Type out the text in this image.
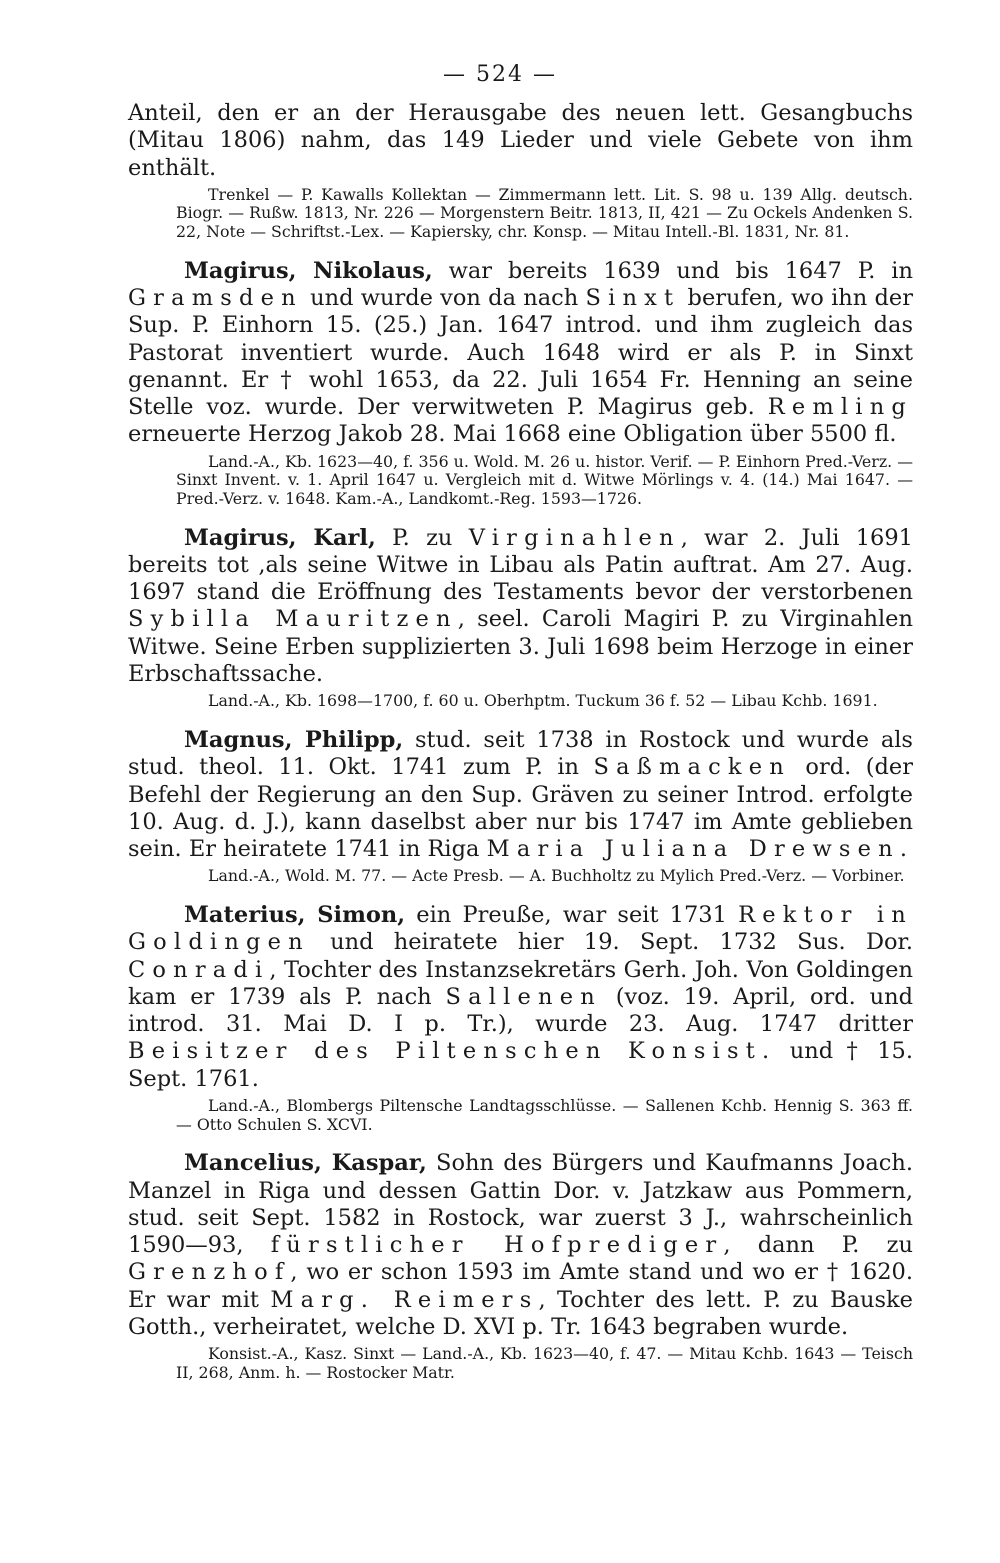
— 524 —

Anteil, den er an der Herausgabe des neuen lett. Gesangbuchs (Mitau 1806) nahm, das 149 Lieder und viele Gebete von ihm enthält.

Trenkel — P. Kawalls Kollektan — Zimmermann lett. Lit. S. 98 u. 139 Allg. deutsch. Biogr. — Rußw. 1813, Nr. 226 — Morgenstern Beitr. 1813, II, 421 — Zu Ockels Andenken S. 22, Note — Schriftst.-Lex. — Kapiersky, chr. Konsp. — Mitau Intell.-Bl. 1831, Nr. 81.

Magirus, Nikolaus, war bereits 1639 und bis 1647 P. in Gramsden und wurde von da nach Sinxt berufen, wo ihn der Sup. P. Einhorn 15. (25.) Jan. 1647 introd. und ihm zugleich das Pastorat inventiert wurde. Auch 1648 wird er als P. in Sinxt genannt. Er † wohl 1653, da 22. Juli 1654 Fr. Henning an seine Stelle voz. wurde. Der verwitweten P. Magirus geb. Remling erneuerte Herzog Jakob 28. Mai 1668 eine Obligation über 5500 fl.

Land.-A., Kb. 1623—40, f. 356 u. Wold. M. 26 u. histor. Verif. — P. Einhorn Pred.-Verz. — Sinxt Invent. v. 1. April 1647 u. Vergleich mit d. Witwe Mörlings v. 4. (14.) Mai 1647. — Pred.-Verz. v. 1648. Kam.-A., Landkomt.-Reg. 1593—1726.

Magirus, Karl, P. zu Virginahlen, war 2. Juli 1691 bereits tot ,als seine Witwe in Libau als Patin auftrat. Am 27. Aug. 1697 stand die Eröffnung des Testaments bevor der verstorbenen Sybilla Mauritzen, seel. Caroli Magiri P. zu Virginahlen Witwe. Seine Erben supplizierten 3. Juli 1698 beim Herzoge in einer Erbschaftssache.

Land.-A., Kb. 1698—1700, f. 60 u. Oberhptm. Tuckum 36 f. 52 — Libau Kchb. 1691.

Magnus, Philipp, stud. seit 1738 in Rostock und wurde als stud. theol. 11. Okt. 1741 zum P. in Saßmacken ord. (der Befehl der Regierung an den Sup. Gräven zu seiner Introd. erfolgte 10. Aug. d. J.), kann daselbst aber nur bis 1747 im Amte geblieben sein. Er heiratete 1741 in Riga Maria Juliana Drewsen.

Land.-A., Wold. M. 77. — Acte Presb. — A. Buchholtz zu Mylich Pred.-Verz. — Vorbiner.

Materius, Simon, ein Preuße, war seit 1731 Rektor in Goldingen und heiratete hier 19. Sept. 1732 Sus. Dor. Conradi, Tochter des Instanzsekretärs Gerh. Joh. Von Goldingen kam er 1739 als P. nach Sallenen (voz. 19. April, ord. und introd. 31. Mai D. I p. Tr.), wurde 23. Aug. 1747 dritter Beisitzer des Piltenschen Konsist. und † 15. Sept. 1761.

Land.-A., Blombergs Piltensche Landtagsschlüsse. — Sallenen Kchb. Hennig S. 363 ff. — Otto Schulen S. XCVI.

Mancelius, Kaspar, Sohn des Bürgers und Kaufmanns Joach. Manzel in Riga und dessen Gattin Dor. v. Jatzkaw aus Pommern, stud. seit Sept. 1582 in Rostock, war zuerst 3 J., wahrscheinlich 1590—93, fürstlicher Hofprediger, dann P. zu Grenzhof, wo er schon 1593 im Amte stand und wo er † 1620. Er war mit Marg. Reimers, Tochter des lett. P. zu Bauske Gotth., verheiratet, welche D. XVI p. Tr. 1643 begraben wurde.

Konsist.-A., Kasz. Sinxt — Land.-A., Kb. 1623—40, f. 47. — Mitau Kchb. 1643 — Teisch II, 268, Anm. h. — Rostocker Matr.
